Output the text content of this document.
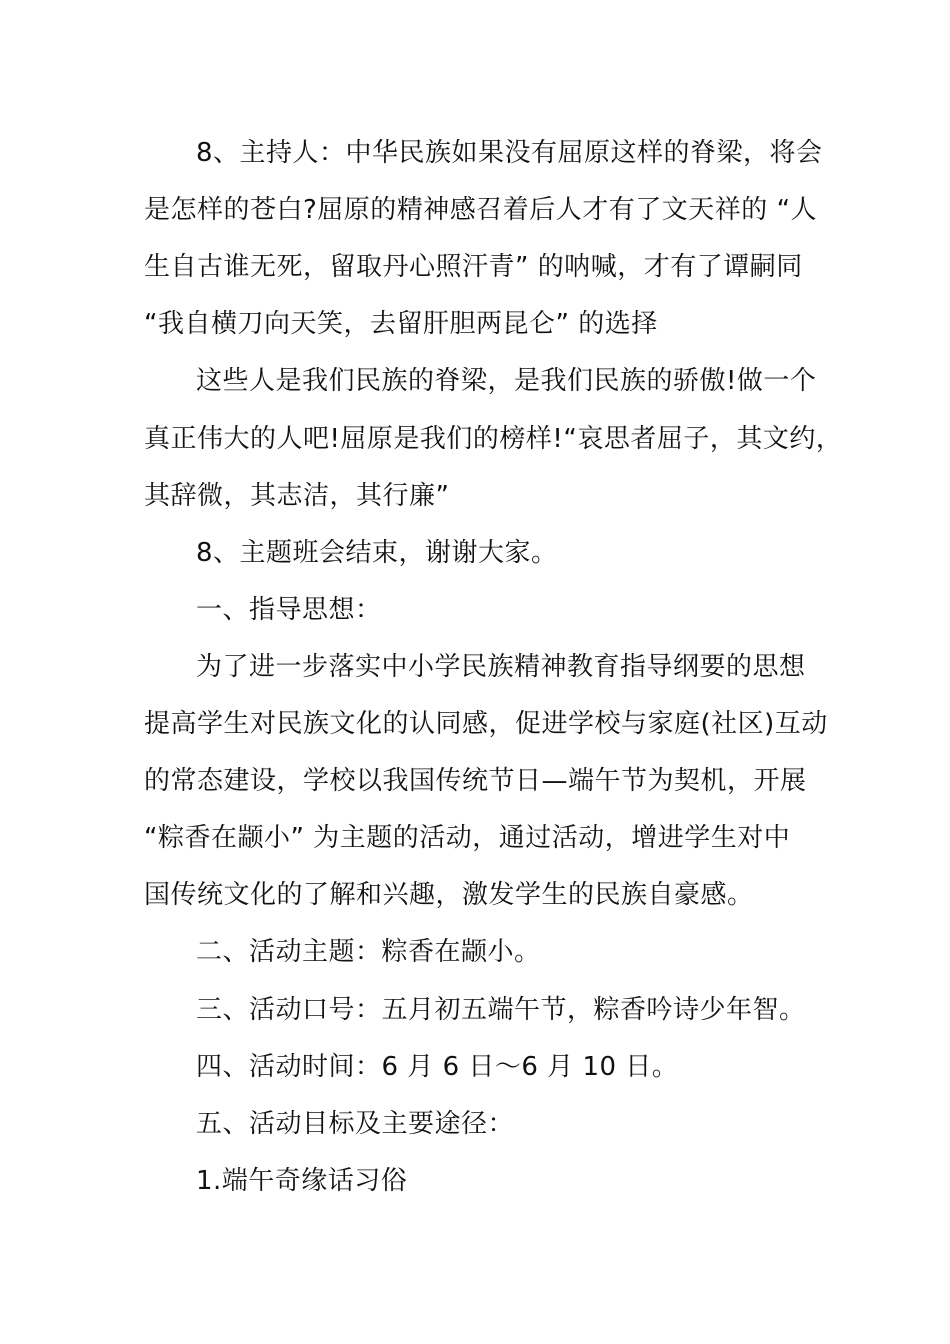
8、主持人：中华民族如果没有屈原这样的脊梁，将会
是怎样的苍白?屈原的精神感召着后人才有了文天祥的 “人
生自古谁无死，留取丹心照汗青” 的呐喊，才有了谭嗣同
“我自横刀向天笑，去留肝胆两昆仑” 的选择
这些人是我们民族的脊梁，是我们民族的骄傲!做一个
真正伟大的人吧!屈原是我们的榜样!“哀思者屈子，其文约，
其辞微，其志洁，其行廉”
8、主题班会结束，谢谢大家。
一、指导思想：
为了进一步落实中小学民族精神教育指导纲要的思想
提高学生对民族文化的认同感，促进学校与家庭(社区)互动
的常态建设，学校以我国传统节日—端午节为契机，开展
“粽香在颛小” 为主题的活动，通过活动，增进学生对中
国传统文化的了解和兴趣，激发学生的民族自豪感。
二、活动主题：粽香在颛小。
三、活动口号：五月初五端午节，粽香吟诗少年智。
四、活动时间：6 月 6 日～6 月 10 日。
五、活动目标及主要途径：
1.端午奇缘话习俗
